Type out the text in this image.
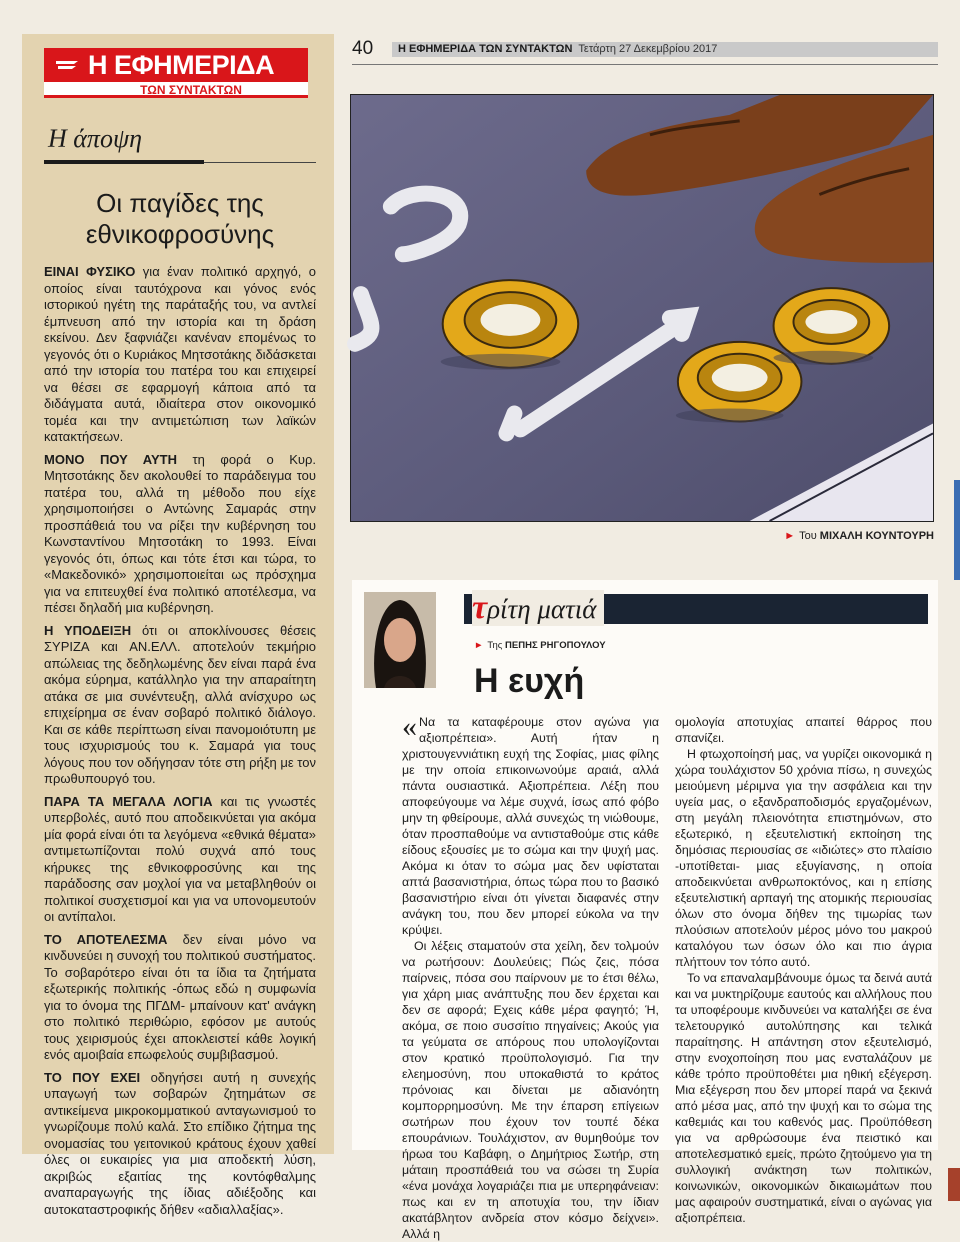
Η ΕΦΗΜΕΡΙΔΑ
ΤΩΝ ΣΥΝΤΑΚΤΩΝ
Η άποψη
Οι παγίδες της εθνικοφροσύνης

ΕΙΝΑΙ ΦΥΣΙΚΟ για έναν πολιτικό αρχηγό, ο οποίος είναι ταυτόχρονα και γόνος ενός ιστορικού ηγέτη της παράταξής του, να αντλεί έμπνευση από την ιστορία και τη δράση εκείνου. Δεν ξαφνιάζει κανέναν επομένως το γεγονός ότι ο Κυριάκος Μητσοτάκης διδάσκεται από την ιστορία του πατέρα του και επιχειρεί να θέσει σε εφαρμογή κάποια από τα διδάγματα αυτά, ιδιαίτερα στον οικονομικό τομέα και την αντιμετώπιση των λαϊκών κατακτήσεων.

ΜΟΝΟ ΠΟΥ ΑΥΤΗ τη φορά ο Κυρ. Μητσοτάκης δεν ακολουθεί το παράδειγμα του πατέρα του, αλλά τη μέθοδο που είχε χρησιμοποιήσει ο Αντώνης Σαμαράς στην προσπάθειά του να ρίξει την κυβέρνηση του Κωνσταντίνου Μητσοτάκη το 1993. Είναι γεγονός ότι, όπως και τότε έτσι και τώρα, το «Μακεδονικό» χρησιμοποιείται ως πρόσχημα για να επιτευχθεί ένα πολιτικό αποτέλεσμα, να πέσει δηλαδή μια κυβέρνηση.

Η ΥΠΟΔΕΙΞΗ ότι οι αποκλίνουσες θέσεις ΣΥΡΙΖΑ και ΑΝ.ΕΛΛ. αποτελούν τεκμήριο απώλειας της δεδηλωμένης δεν είναι παρά ένα ακόμα εύρημα, κατάλληλο για την απαραίτητη ατάκα σε μια συνέντευξη, αλλά ανίσχυρο ως επιχείρημα σε έναν σοβαρό πολιτικό διάλογο. Και σε κάθε περίπτωση είναι πανομοιότυπη με τους ισχυρισμούς του κ. Σαμαρά για τους λόγους που τον οδήγησαν τότε στη ρήξη με τον πρωθυπουργό του.

ΠΑΡΑ ΤΑ ΜΕΓΑΛΑ ΛΟΓΙΑ και τις γνωστές υπερβολές, αυτό που αποδεικνύεται για ακόμα μία φορά είναι ότι τα λεγόμενα «εθνικά θέματα» αντιμετωπίζονται πολύ συχνά από τους κήρυκες της εθνικοφροσύνης και της παράδοσης σαν μοχλοί για να μεταβληθούν οι πολιτικοί συσχετισμοί και για να υπονομευτούν οι αντίπαλοι.

ΤΟ ΑΠΟΤΕΛΕΣΜΑ δεν είναι μόνο να κινδυνεύει η συνοχή του πολιτικού συστήματος. Το σοβαρότερο είναι ότι τα ίδια τα ζητήματα εξωτερικής πολιτικής -όπως εδώ η συμφωνία για το όνομα της ΠΓΔΜ- μπαίνουν κατ' ανάγκη στο πολιτικό περιθώριο, εφόσον με αυτούς τους χειρισμούς έχει αποκλειστεί κάθε λογική ενός αμοιβαία επωφελούς συμβιβασμού.

ΤΟ ΠΟΥ ΕΧΕΙ οδηγήσει αυτή η συνεχής υπαγωγή των σοβαρών ζητημάτων σε αντικείμενα μικροκομματικού ανταγωνισμού το γνωρίζουμε πολύ καλά. Στο επίδικο ζήτημα της ονομασίας του γειτονικού κράτους έχουν χαθεί όλες οι ευκαιρίες για μια αποδεκτή λύση, ακριβώς εξαιτίας της κοντόφθαλμης αναπαραγωγής της ίδιας αδιέξοδης και αυτοκαταστροφικής δήθεν «αδιαλλαξίας».

40	Η ΕΦΗΜΕΡΙΔΑ ΤΩΝ ΣΥΝΤΑΚΤΩΝ Τετάρτη 27 Δεκεμβρίου 2017
► Του ΜΙΧΑΛΗ ΚΟΥΝΤΟΥΡΗ
τρίτη ματιά
► Της ΠΕΠΗΣ ΡΗΓΟΠΟΥΛΟΥ
Η ευχή

« Να τα καταφέρουμε στον αγώνα για αξιοπρέπεια». Αυτή ήταν η χριστουγεννιάτικη ευχή της Σοφίας, μιας φίλης με την οποία επικοινωνούμε αραιά, αλλά πάντα ουσιαστικά. Αξιοπρέπεια. Λέξη που αποφεύγουμε να λέμε συχνά, ίσως από φόβο μην τη φθείρουμε, αλλά συνεχώς τη νιώθουμε, όταν προσπαθούμε να αντισταθούμε στις κάθε είδους εξουσίες με το σώμα και την ψυχή μας. Ακόμα κι όταν το σώμα μας δεν υφίσταται απτά βασανιστήρια, όπως τώρα που το βασικό βασανιστήριο είναι ότι γίνεται διαφανές στην ανάγκη του, που δεν μπορεί εύκολα να την κρύψει.

Οι λέξεις σταματούν στα χείλη, δεν τολμούν να ρωτήσουν: Δουλεύεις; Πώς ζεις, πόσα παίρνεις, πόσα σου παίρνουν με το έτσι θέλω, για χάρη μιας ανάπτυξης που δεν έρχεται και δεν σε αφορά; Εχεις κάθε μέρα φαγητό; Ή, ακόμα, σε ποιο συσσίτιο πηγαίνεις; Ακούς για τα γεύματα σε απόρους που υπολογίζονται στον κρατικό προϋπολογισμό. Για την ελεημοσύνη, που υποκαθιστά το κράτος πρόνοιας και δίνεται με αδιανόητη κομπορρημοσύνη. Με την έπαρση επίγειων σωτήρων που έχουν τον τουπέ δέκα επουράνιων. Τουλάχιστον, αν θυμηθούμε τον ήρωα του Καβάφη, ο Δημήτριος Σωτήρ, στη μάταιη προσπάθειά του να σώσει τη Συρία «ένα μονάχα λογαριάζει πια με υπερηφάνειαν: πως και εν τη αποτυχία του, την ίδιαν ακατάβλητον ανδρεία στον κόσμο δείχνει». Αλλά η

ομολογία αποτυχίας απαιτεί θάρρος που σπανίζει.

Η φτωχοποίησή μας, να γυρίζει οικονομικά η χώρα τουλάχιστον 50 χρόνια πίσω, η συνεχώς μειούμενη μέριμνα για την ασφάλεια και την υγεία μας, ο εξανδραποδισμός εργαζομένων, στη μεγάλη πλειονότητα επιστημόνων, στο εξωτερικό, η εξευτελιστική εκποίηση της δημόσιας περιουσίας σε «ιδιώτες» στο πλαίσιο -υποτίθεται- μιας εξυγίανσης, η οποία αποδεικνύεται ανθρωποκτόνος, και η επίσης εξευτελιστική αρπαγή της ατομικής περιουσίας όλων στο όνομα δήθεν της τιμωρίας των πλούσιων αποτελούν μέρος μόνο του μακρού καταλόγου των όσων όλο και πιο άγρια πλήττουν τον τόπο αυτό.

Το να επαναλαμβάνουμε όμως τα δεινά αυτά και να μυκτηρίζουμε εαυτούς και αλλήλους που τα υποφέρουμε κινδυνεύει να καταλήξει σε ένα τελετουργικό αυτολύπησης και τελικά παραίτησης. Η απάντηση στον εξευτελισμό, στην ενοχοποίηση που μας ενσταλάζουν με κάθε τρόπο προϋποθέτει μια ηθική εξέγερση. Μια εξέγερση που δεν μπορεί παρά να ξεκινά από μέσα μας, από την ψυχή και το σώμα της καθεμιάς και του καθενός μας. Προϋπόθεση για να αρθρώσουμε ένα πειστικό και αποτελεσματικό εμείς, πρώτο ζητούμενο για τη συλλογική ανάκτηση των πολιτικών, κοινωνικών, οικονομικών δικαιωμάτων που μας αφαιρούν συστηματικά, είναι ο αγώνας για αξιοπρέπεια.
